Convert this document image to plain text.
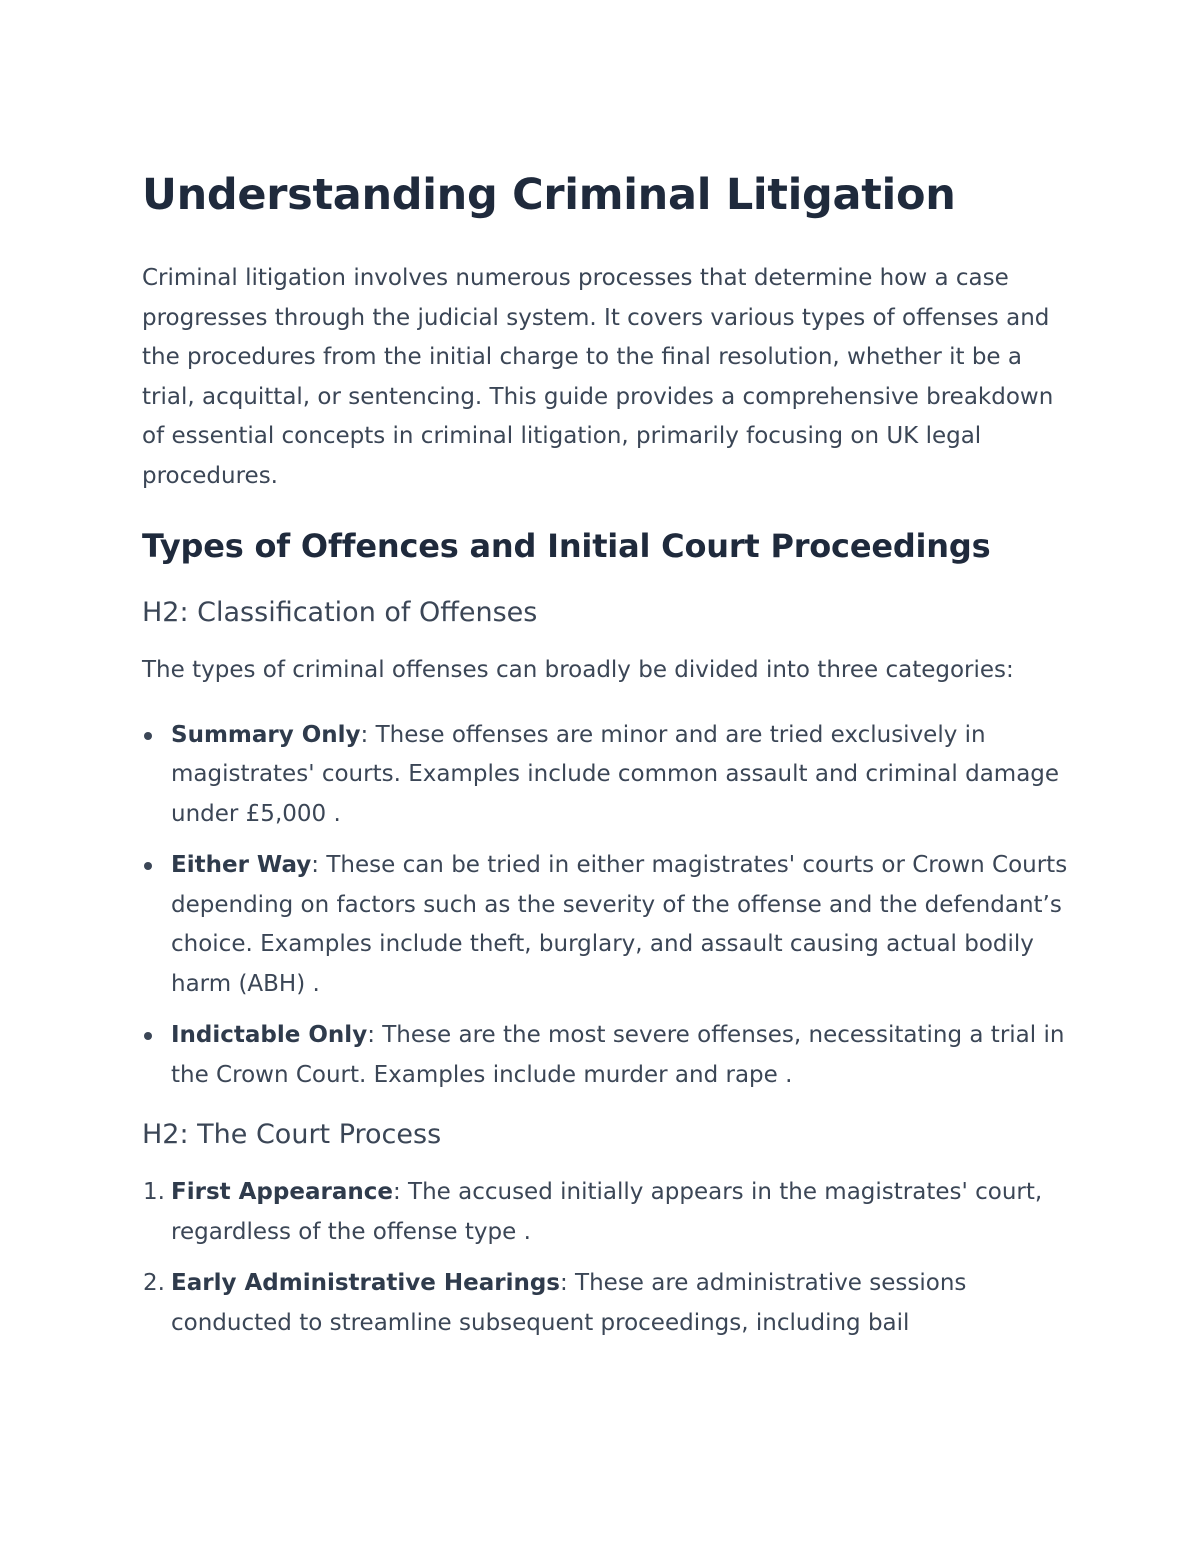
Understanding Criminal Litigation

Criminal litigation involves numerous processes that determine how a case progresses through the judicial system. It covers various types of offenses and the procedures from the initial charge to the final resolution, whether it be a trial, acquittal, or sentencing. This guide provides a comprehensive breakdown of essential concepts in criminal litigation, primarily focusing on UK legal procedures.

Types of Offences and Initial Court Proceedings
H2: Classification of Offenses

The types of criminal offenses can broadly be divided into three categories:

Summary Only: These offenses are minor and are tried exclusively in magistrates' courts. Examples include common assault and criminal damage under £5,000 .
Either Way: These can be tried in either magistrates' courts or Crown Courts depending on factors such as the severity of the offense and the defendant’s choice. Examples include theft, burglary, and assault causing actual bodily harm (ABH) .
Indictable Only: These are the most severe offenses, necessitating a trial in the Crown Court. Examples include murder and rape .
H2: The Court Process
1. First Appearance: The accused initially appears in the magistrates' court, regardless of the offense type .
2. Early Administrative Hearings: These are administrative sessions conducted to streamline subsequent proceedings, including bail
